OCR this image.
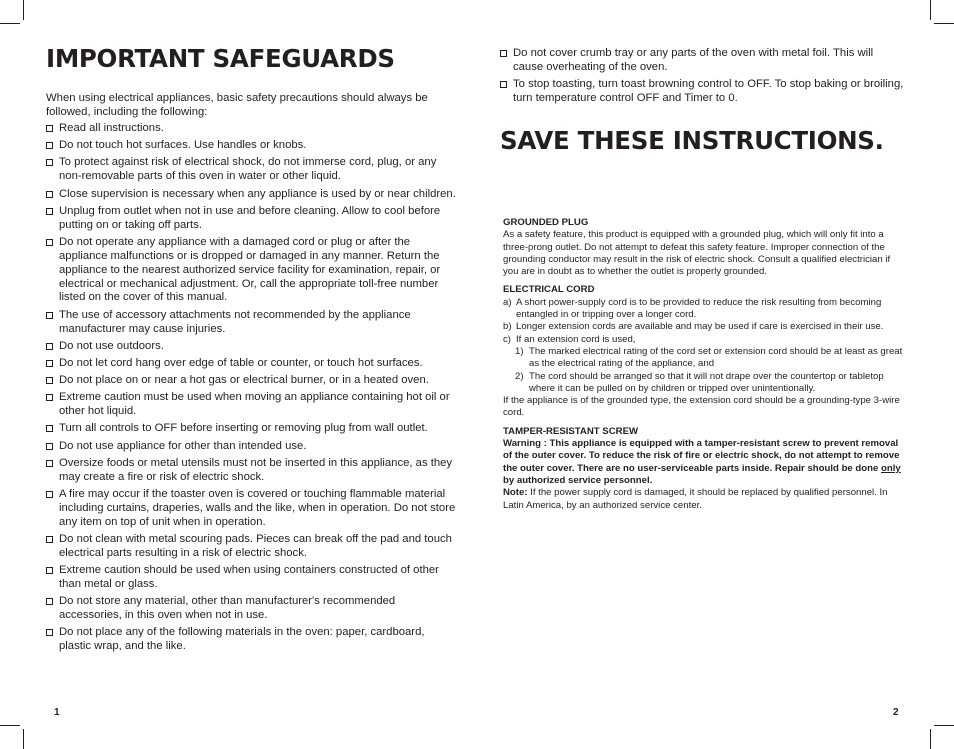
IMPORTANT SAFEGUARDS

When using electrical appliances, basic safety precautions should always be followed, including the following:

Read all instructions.
Do not touch hot surfaces. Use handles or knobs.
To protect against risk of electrical shock, do not immerse cord, plug, or any non-removable parts of this oven in water or other liquid.
Close supervision is necessary when any appliance is used by or near children.
Unplug from outlet when not in use and before cleaning. Allow to cool before putting on or taking off parts.
Do not operate any appliance with a damaged cord or plug or after the appliance malfunctions or is dropped or damaged in any manner. Return the appliance to the nearest authorized service facility for examination, repair, or electrical or mechanical adjustment. Or, call the appropriate toll-free number listed on the cover of this manual.
The use of accessory attachments not recommended by the appliance manufacturer may cause injuries.
Do not use outdoors.
Do not let cord hang over edge of table or counter, or touch hot surfaces.
Do not place on or near a hot gas or electrical burner, or in a heated oven.
Extreme caution must be used when moving an appliance containing hot oil or other hot liquid.
Turn all controls to OFF before inserting or removing plug from wall outlet.
Do not use appliance for other than intended use.
Oversize foods or metal utensils must not be inserted in this appliance, as they may create a fire or risk of electric shock.
A fire may occur if the toaster oven is covered or touching flammable material including curtains, draperies, walls and the like, when in operation. Do not store any item on top of unit when in operation.
Do not clean with metal scouring pads. Pieces can break off the pad and touch electrical parts resulting in a risk of electric shock.
Extreme caution should be used when using containers constructed of other than metal or glass.
Do not store any material, other than manufacturer's recommended accessories, in this oven when not in use.
Do not place any of the following materials in the oven: paper, cardboard, plastic wrap, and the like.
Do not cover crumb tray or any parts of the oven with metal foil. This will cause overheating of the oven.
To stop toasting, turn toast browning control to OFF. To stop baking or broiling, turn temperature control OFF and Timer to 0.
SAVE THESE INSTRUCTIONS.

GROUNDED PLUG

As a safety feature, this product is equipped with a grounded plug, which will only fit into a three-prong outlet. Do not attempt to defeat this safety feature. Improper connection of the grounding conductor may result in the risk of electric shock. Consult a qualified electrician if you are in doubt as to whether the outlet is properly grounded.

ELECTRICAL CORD

a) A short power-supply cord is to be provided to reduce the risk resulting from becoming entangled in or tripping over a longer cord.

b) Longer extension cords are available and may be used if care is exercised in their use.

c) If an extension cord is used,

1) The marked electrical rating of the cord set or extension cord should be at least as great as the electrical rating of the appliance, and

2) The cord should be arranged so that it will not drape over the countertop or tabletop where it can be pulled on by children or tripped over unintentionally.

If the appliance is of the grounded type, the extension cord should be a grounding-type 3-wire cord.

TAMPER-RESISTANT SCREW

Warning : This appliance is equipped with a tamper-resistant screw to prevent removal of the outer cover. To reduce the risk of fire or electric shock, do not attempt to remove the outer cover. There are no user-serviceable parts inside. Repair should be done only by authorized service personnel.

Note: If the power supply cord is damaged, it should be replaced by qualified personnel. In Latin America, by an authorized service center.

1	2
